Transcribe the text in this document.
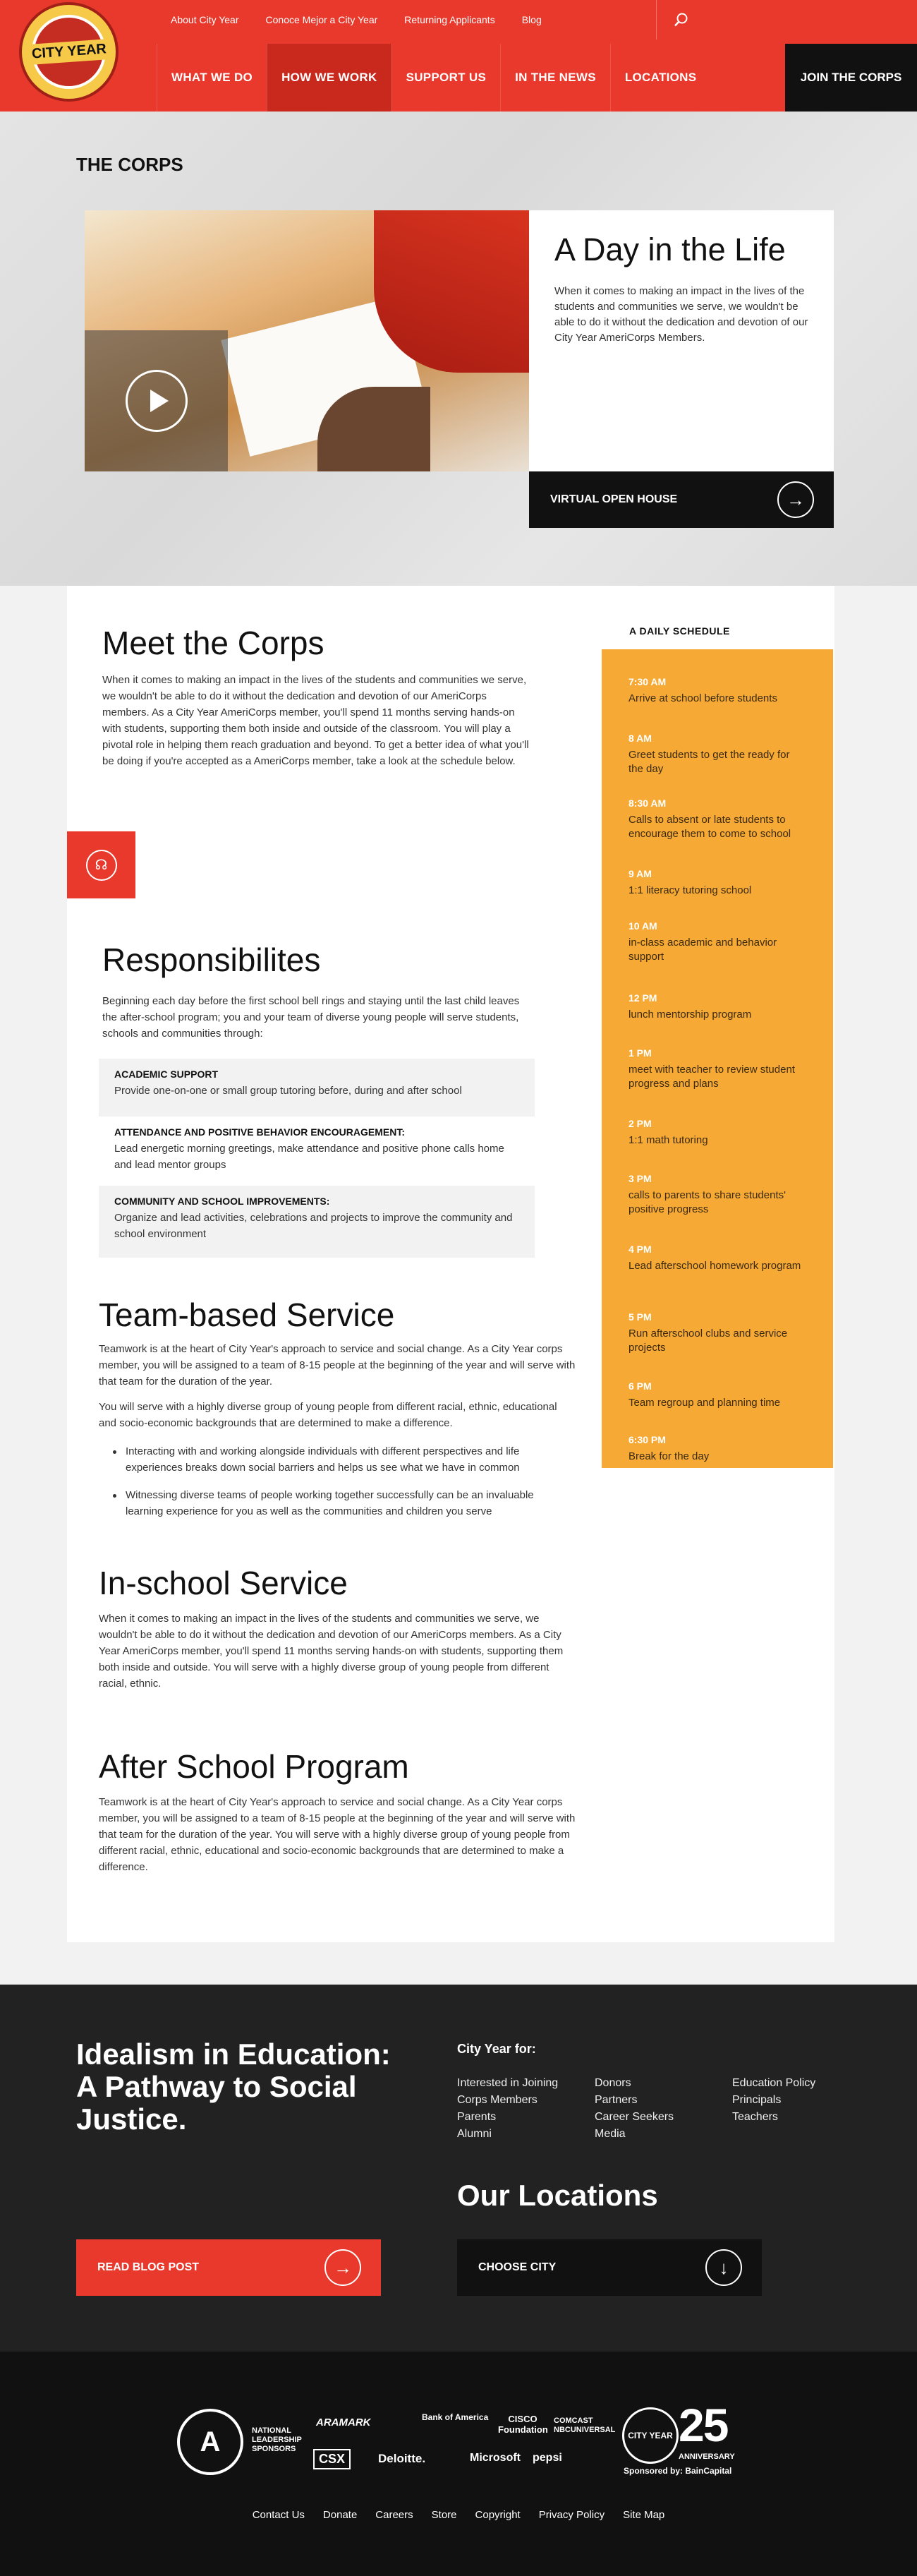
CITY YEAR
About City Year	Conoce Mejor a City Year	Returning Applicants	Blog
WHAT WE DO	HOW WE WORK	SUPPORT US	IN THE NEWS	LOCATIONS	JOIN THE CORPS
THE CORPS
A Day in the Life

When it comes to making an impact in the lives of the students and communities we serve, we wouldn't be able to do it without the dedication and devotion of our City Year AmeriCorps Members.

VIRTUAL OPEN HOUSE	→
Meet the Corps

When it comes to making an impact in the lives of the students and communities we serve, we wouldn't be able to do it without the dedication and devotion of our AmeriCorps members. As a City Year AmeriCorps member, you'll spend 11 months serving hands-on with students, supporting them both inside and outside of the classroom. You will play a pivotal role in helping them reach graduation and beyond. To get a better idea of what you'll be doing if you're accepted as a AmeriCorps member, take a look at the schedule below.

☊
Responsibilites

Beginning each day before the first school bell rings and staying until the last child leaves the after-school program; you and your team of diverse young people will serve students, schools and communities through:

ACADEMIC SUPPORT

Provide one-on-one or small group tutoring before, during and after school

ATTENDANCE AND POSITIVE BEHAVIOR ENCOURAGEMENT:

Lead energetic morning greetings, make attendance and positive phone calls home and lead mentor groups

COMMUNITY AND SCHOOL IMPROVEMENTS:

Organize and lead activities, celebrations and projects to improve the community and school environment

Team-based Service

Teamwork is at the heart of City Year's approach to service and social change. As a City Year corps member, you will be assigned to a team of 8-15 people at the beginning of the year and will serve with that team for the duration of the year.

You will serve with a highly diverse group of young people from different racial, ethnic, educational and socio-economic backgrounds that are determined to make a difference.

Interacting with and working alongside individuals with different perspectives and life experiences breaks down social barriers and helps us see what we have in common
Witnessing diverse teams of people working together successfully can be an invaluable learning experience for you as well as the communities and children you serve
In-school Service

When it comes to making an impact in the lives of the students and communities we serve, we wouldn't be able to do it without the dedication and devotion of our AmeriCorps members. As a City Year AmeriCorps member, you'll spend 11 months serving hands-on with students, supporting them both inside and outside. You will serve with a highly diverse group of young people from different racial, ethnic.

After School Program

Teamwork is at the heart of City Year's approach to service and social change. As a City Year corps member, you will be assigned to a team of 8-15 people at the beginning of the year and will serve with that team for the duration of the year. You will serve with a highly diverse group of young people from different racial, ethnic, educational and socio-economic backgrounds that are determined to make a difference.

A DAILY SCHEDULE
7:30 AM
Arrive at school before students
8 AM
Greet students to get the ready for the day
8:30 AM
Calls to absent or late students to encourage them to come to school
9 AM
1:1 literacy tutoring school
10 AM
in-class academic and behavior support
12 PM
lunch mentorship program
1 PM
meet with teacher to review student progress and plans
2 PM
1:1 math tutoring
3 PM
calls to parents to share students' positive progress
4 PM
Lead afterschool homework program
5 PM
Run afterschool clubs and service projects
6 PM
Team regroup and planning time
6:30 PM
Break for the day
Idealism in Education: A Pathway to Social Justice.
READ BLOG POST	→
City Year for:
Interested in Joining
Corps Members
Parents
Alumni
Donors
Partners
Career Seekers
Media
Education Policy
Principals
Teachers
Our Locations
CHOOSE CITY	↓
A	NATIONAL LEADERSHIP SPONSORS
ARAMARK	Bank of America	CISCO Foundation
COMCAST NBCUNIVERSAL
CSX	Deloitte.	Microsoft pepsi
CITY YEAR 25
ANNIVERSARY
Sponsored by: BainCapital
Contact Us Donate Careers Store Copyright Privacy Policy Site Map
